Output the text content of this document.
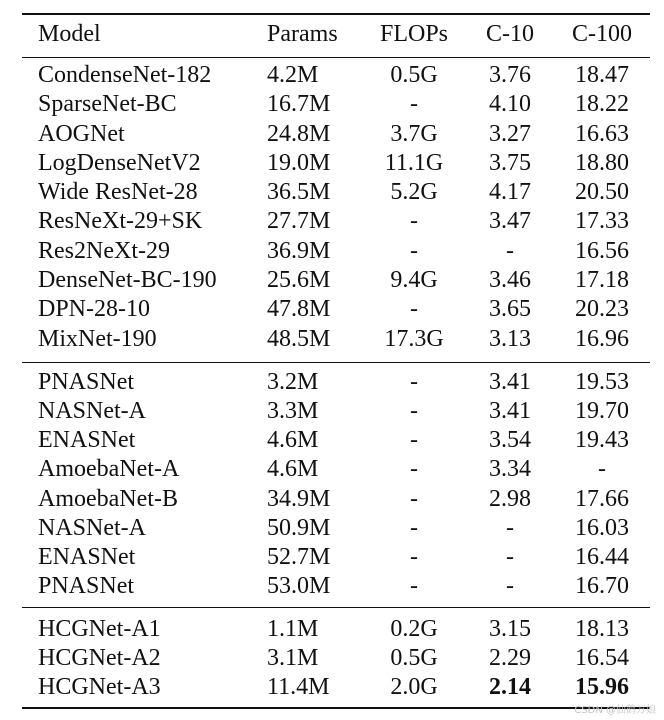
Model	Params	FLOPs	C-10	C-100
CondenseNet-182 4.2M	0.5G	3.76	18.47
SparseNet-BC	16.7M	-	4.10	18.22
AOGNet	24.8M	3.7G	3.27	16.63
LogDenseNetV2	19.0M	11.1G	3.75	18.80
Wide ResNet-28	36.5M	5.2G	4.17	20.50
ResNeXt-29+SK	27.7M	-	3.47	17.33
Res2NeXt-29	36.9M	-	-	16.56
DenseNet-BC-190 25.6M	9.4G	3.46	17.18
DPN-28-10	47.8M	-	3.65	20.23
MixNet-190	48.5M	17.3G	3.13	16.96
PNASNet	3.2M	-	3.41	19.53
NASNet-A	3.3M	-	3.41	19.70
ENASNet	4.6M	-	3.54	19.43
AmoebaNet-A	4.6M	-	3.34	-
AmoebaNet-B	34.9M	-	2.98	17.66
NASNet-A	50.9M	-	-	16.03
ENASNet	52.7M	-	-	16.44
PNASNet	53.0M	-	-	16.70
HCGNet-A1	1.1M	0.2G	3.15	18.13
HCGNet-A2	3.1M	0.5G	2.29	16.54
HCGNet-A3	11.4M	2.0G	2.14	15.96
CSDN @仙鹤万娘
